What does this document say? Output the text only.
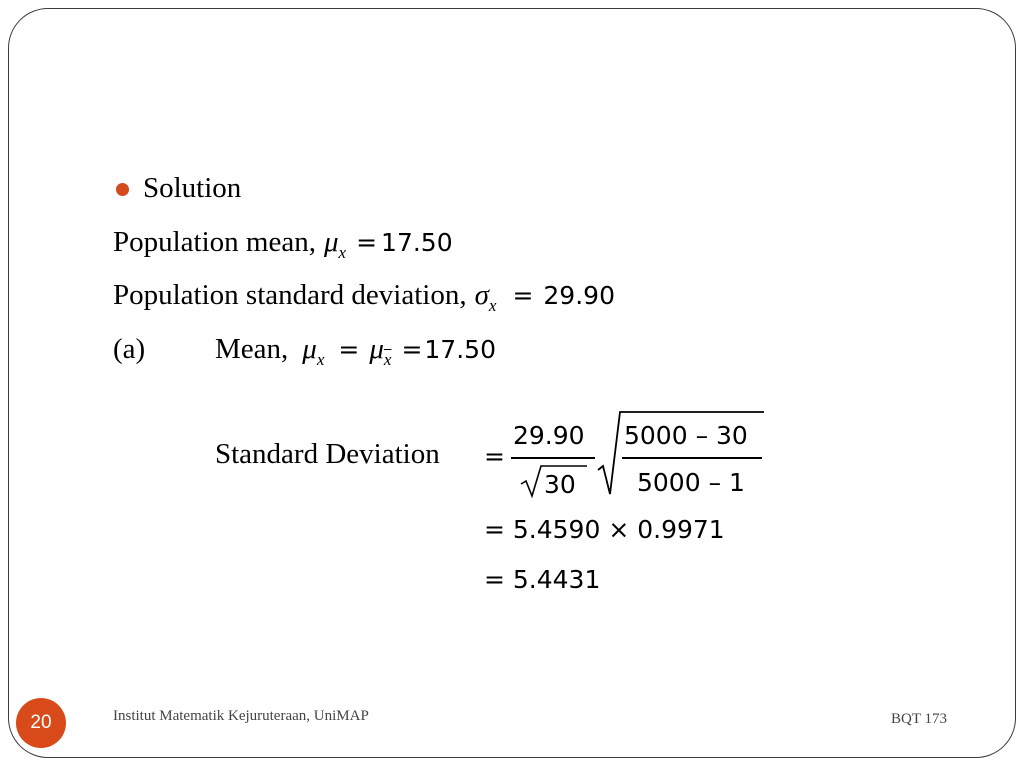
Solution
Population mean, μx = 17.50
Population standard deviation, σx = 29.90
(a) Mean, $\mu x = \mu\overline{x} =17.50$
Standard Deviation =
29.90
30
5000 – 30
5000 – 1
= 5.4590 × 0.9971
= 5.4431
20	Institut Matematik Kejuruteraan, UniMAP	BQT 173
